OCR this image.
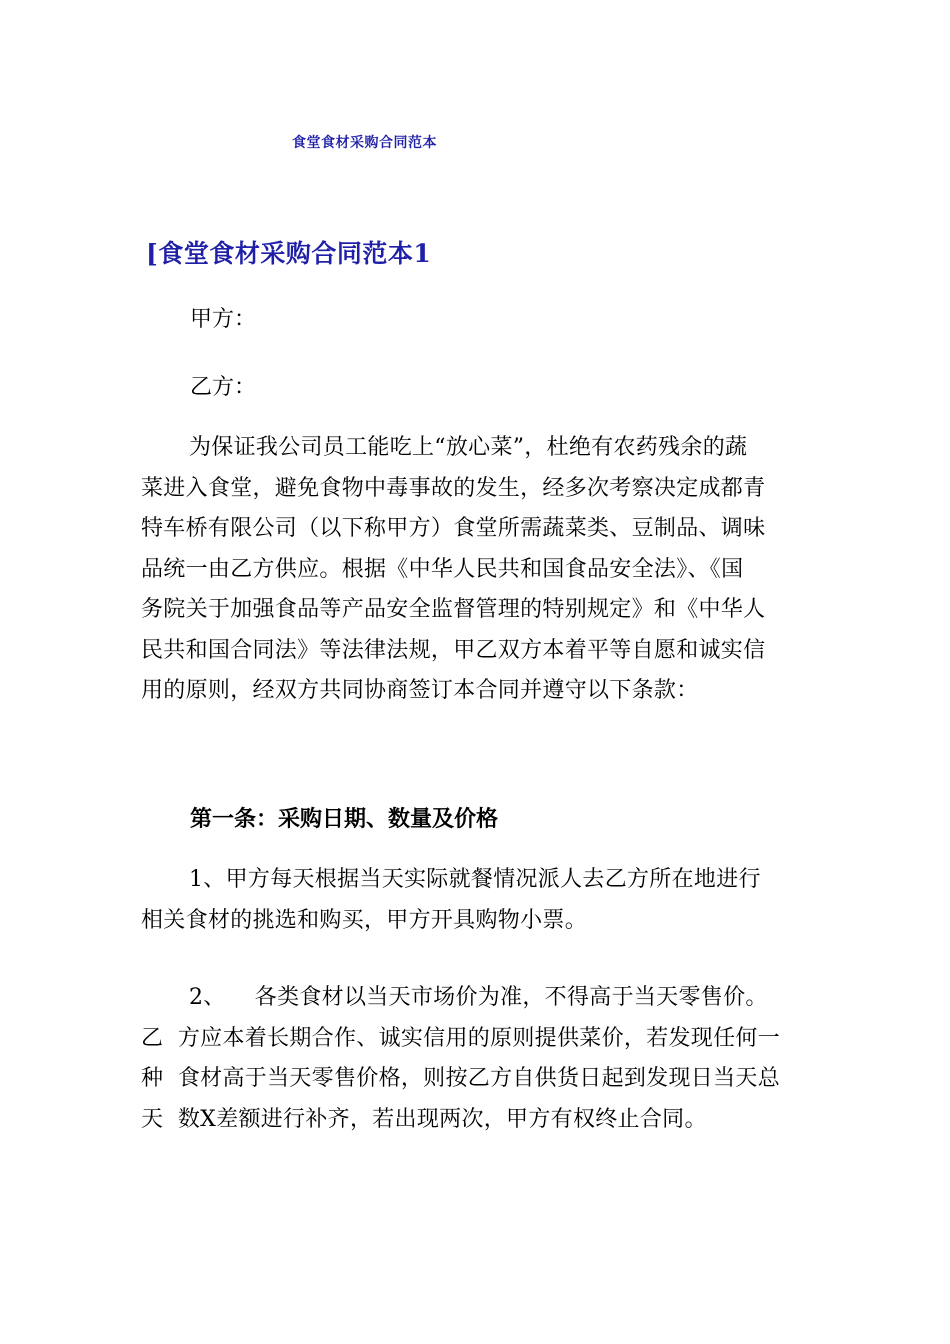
食堂食材采购合同范本
[食堂食材采购合同范本1
甲方：
乙方：
为保证我公司员工能吃上“放心菜”，杜绝有农药残余的蔬
菜进入食堂，避免食物中毒事故的发生，经多次考察决定成都青
特车桥有限公司（以下称甲方）食堂所需蔬菜类、豆制品、调味
品统一由乙方供应。根据《中华人民共和国食品安全法》、《国
务院关于加强食品等产品安全监督管理的特别规定》和《中华人
民共和国合同法》等法律法规，甲乙双方本着平等自愿和诚实信
用的原则，经双方共同协商签订本合同并遵守以下条款：
第一条：采购日期、数量及价格
1、甲方每天根据当天实际就餐情况派人去乙方所在地进行
相关食材的挑选和购买，甲方开具购物小票。
2、    各类食材以当天市场价为准，不得高于当天零售价。
乙  方应本着长期合作、诚实信用的原则提供菜价，若发现任何一
种  食材高于当天零售价格，则按乙方自供货日起到发现日当天总
天  数X差额进行补齐，若出现两次，甲方有权终止合同。
